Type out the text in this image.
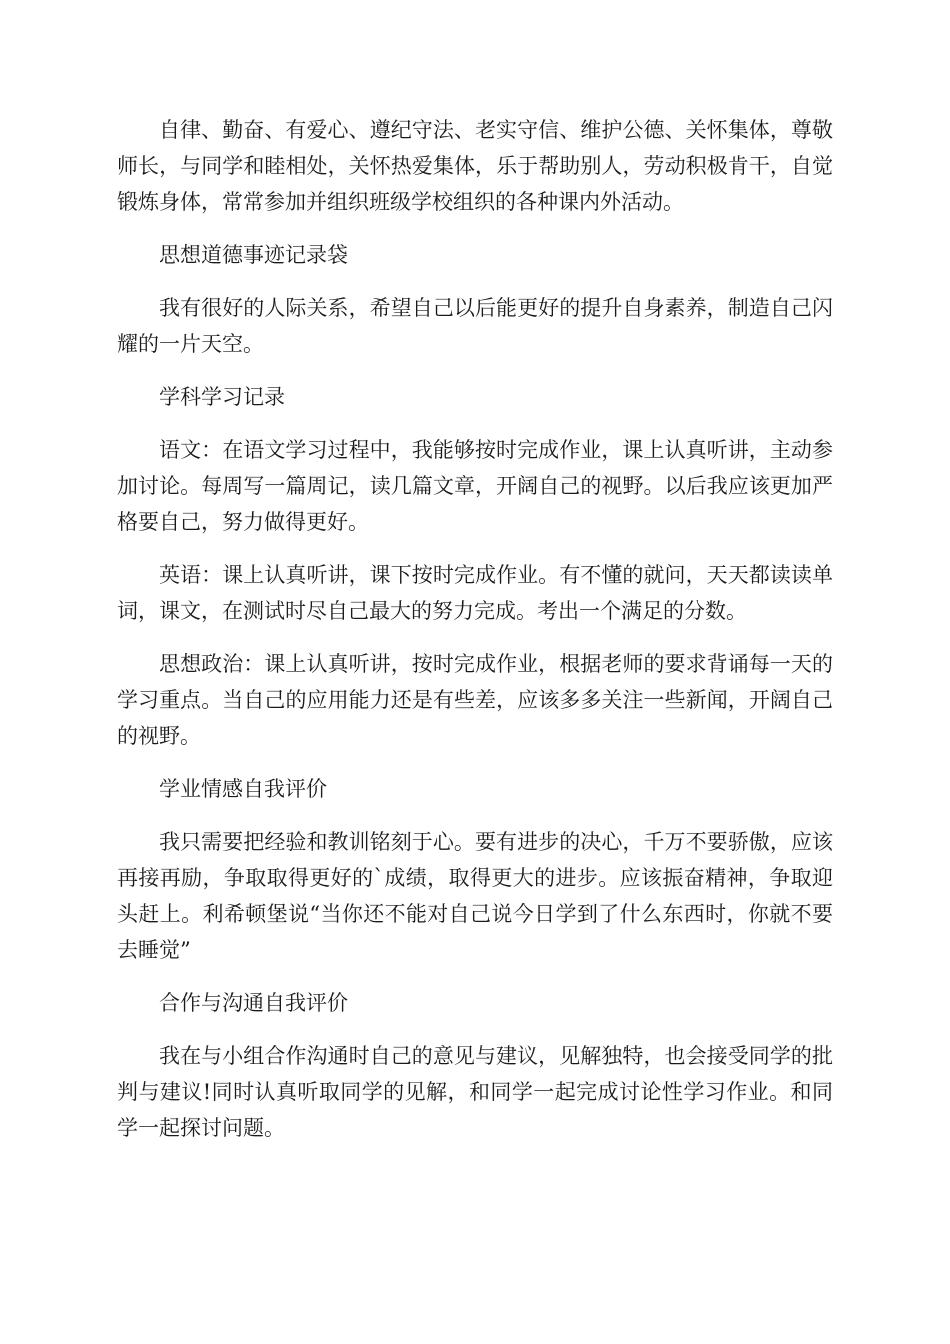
自律、勤奋、有爱心、遵纪守法、老实守信、维护公德、关怀集体，尊敬师长，与同学和睦相处，关怀热爱集体，乐于帮助别人，劳动积极肯干，自觉锻炼身体，常常参加并组织班级学校组织的各种课内外活动。

思想道德事迹记录袋

我有很好的人际关系，希望自己以后能更好的提升自身素养，制造自己闪耀的一片天空。

学科学习记录

语文：在语文学习过程中，我能够按时完成作业，课上认真听讲，主动参加讨论。每周写一篇周记，读几篇文章，开阔自己的视野。以后我应该更加严格要自己，努力做得更好。

英语：课上认真听讲，课下按时完成作业。有不懂的就问，天天都读读单词，课文，在测试时尽自己最大的努力完成。考出一个满足的分数。

思想政治：课上认真听讲，按时完成作业，根据老师的要求背诵每一天的学习重点。当自己的应用能力还是有些差，应该多多关注一些新闻，开阔自己的视野。

学业情感自我评价

我只需要把经验和教训铭刻于心。要有进步的决心，千万不要骄傲，应该再接再励，争取取得更好的`成绩，取得更大的进步。应该振奋精神，争取迎头赶上。利希顿堡说“当你还不能对自己说今日学到了什么东西时，你就不要去睡觉”

合作与沟通自我评价

我在与小组合作沟通时自己的意见与建议，见解独特，也会接受同学的批判与建议!同时认真听取同学的见解，和同学一起完成讨论性学习作业。和同学一起探讨问题。
